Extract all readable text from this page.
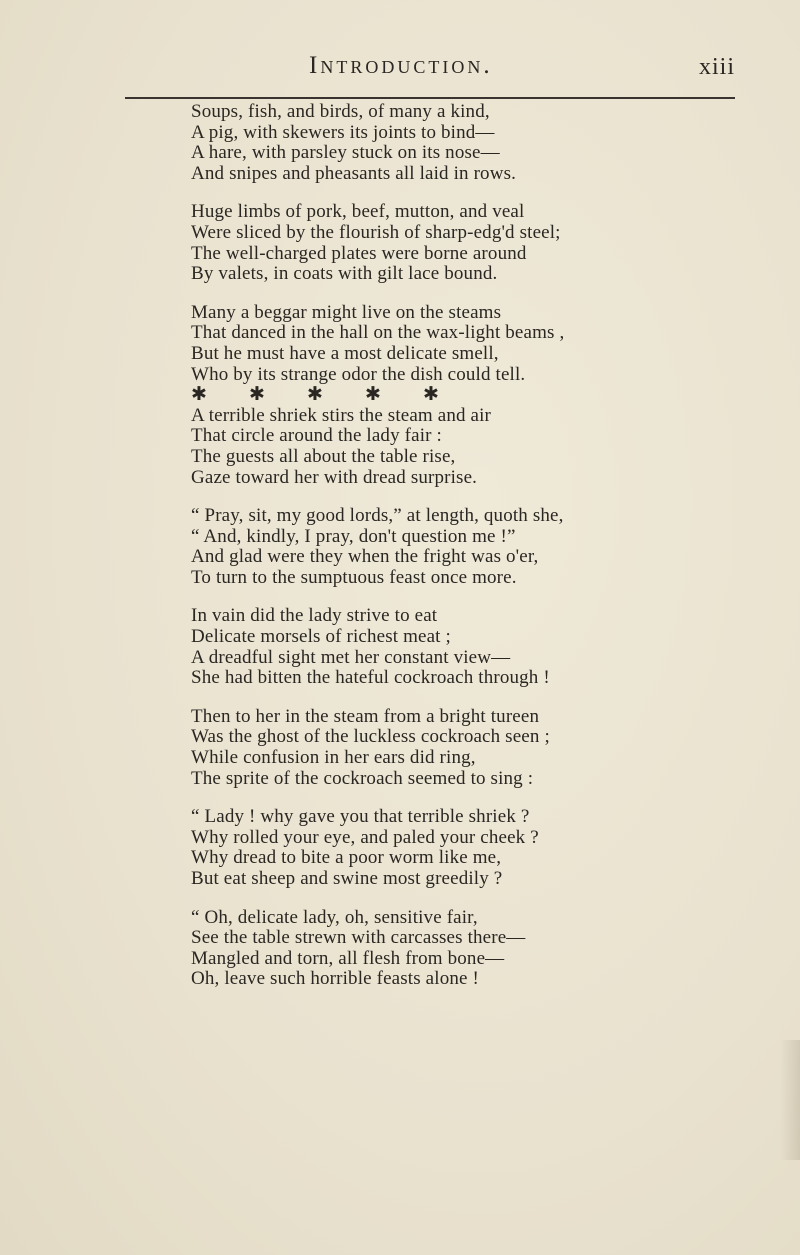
Introduction.	xiii
Soups, fish, and birds, of many a kind,
A pig, with skewers its joints to bind—
A hare, with parsley stuck on its nose—
And snipes and pheasants all laid in rows.
Huge limbs of pork, beef, mutton, and veal
Were sliced by the flourish of sharp-edg'd steel;
The well-charged plates were borne around
By valets, in coats with gilt lace bound.
Many a beggar might live on the steams
That danced in the hall on the wax-light beams ,
But he must have a most delicate smell,
Who by its strange odor the dish could tell.
✱ ✱ ✱ ✱ ✱
A terrible shriek stirs the steam and air
That circle around the lady fair :
The guests all about the table rise,
Gaze toward her with dread surprise.
“ Pray, sit, my good lords,” at length, quoth she,
“ And, kindly, I pray, don't question me !”
And glad were they when the fright was o'er,
To turn to the sumptuous feast once more.
In vain did the lady strive to eat
Delicate morsels of richest meat ;
A dreadful sight met her constant view—
She had bitten the hateful cockroach through !
Then to her in the steam from a bright tureen
Was the ghost of the luckless cockroach seen ;
While confusion in her ears did ring,
The sprite of the cockroach seemed to sing :
“ Lady ! why gave you that terrible shriek ?
Why rolled your eye, and paled your cheek ?
Why dread to bite a poor worm like me,
But eat sheep and swine most greedily ?
“ Oh, delicate lady, oh, sensitive fair,
See the table strewn with carcasses there—
Mangled and torn, all flesh from bone—
Oh, leave such horrible feasts alone !
